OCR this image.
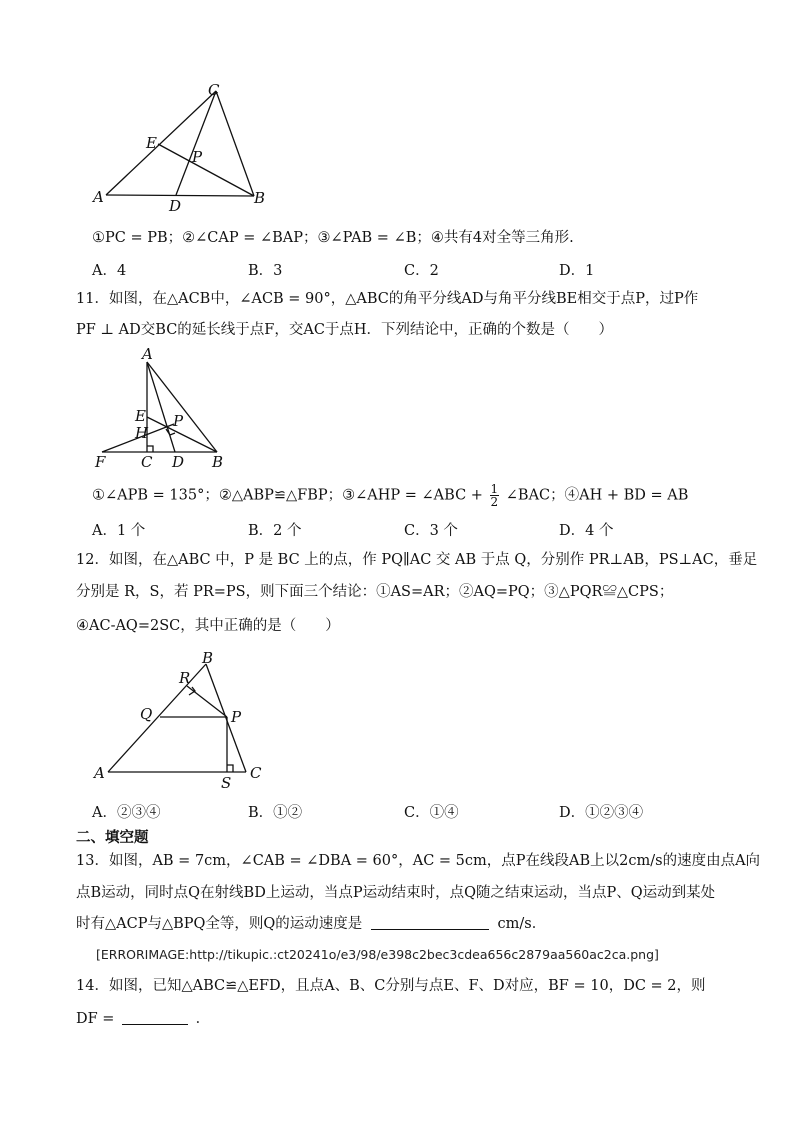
C
E
P
A	D	B
①PC = PB；②∠CAP = ∠BAP；③∠PAB = ∠B；④共有4对全等三角形.
A．4	B．3	C．2	D．1
11．如图，在△ACB中，∠ACB = 90°，△ABC的角平分线AD与角平分线BE相交于点P，过P作
PF ⊥ AD交BC的延长线于点F，交AC于点H．下列结论中，正确的个数是（　　）
A
E P
H
F C D B
①∠APB = 135°；②△ABP≌△FBP；③∠AHP = ∠ABC + $\frac{1}{2}$ ∠BAC；④AH + BD = AB
A．1 个	B．2 个	C．3 个	D．4 个
12．如图，在△ABC 中，P 是 BC 上的点，作 PQ∥AC 交 AB 于点 Q，分别作 PR⊥AB，PS⊥AC，垂足
分别是 R，S，若 PR=PS，则下面三个结论：①AS=AR；②AQ=PQ；③△PQR≌△CPS；
④AC-AQ=2SC，其中正确的是（　　）
B
R
Q	P
A
S
C
A．②③④	B．①②	C．①④	D．①②③④
二、填空题
13．如图，AB = 7cm，∠CAB = ∠DBA = 60°，AC = 5cm，点P在线段AB上以2cm/s的速度由点A向
点B运动，同时点Q在射线BD上运动，当点P运动结束时，点Q随之结束运动，当点P、Q运动到某处
时有△ACP与△BPQ全等，则Q的运动速度是	cm/s．
[ERRORIMAGE:http://tikupic.:ct20241o/e3/98/e398c2bec3cdea656c2879aa560ac2ca.png]
14．如图，已知△ABC≌△EFD，且点A、B、C分别与点E、F、D对应，BF = 10，DC = 2，则
DF =	．
